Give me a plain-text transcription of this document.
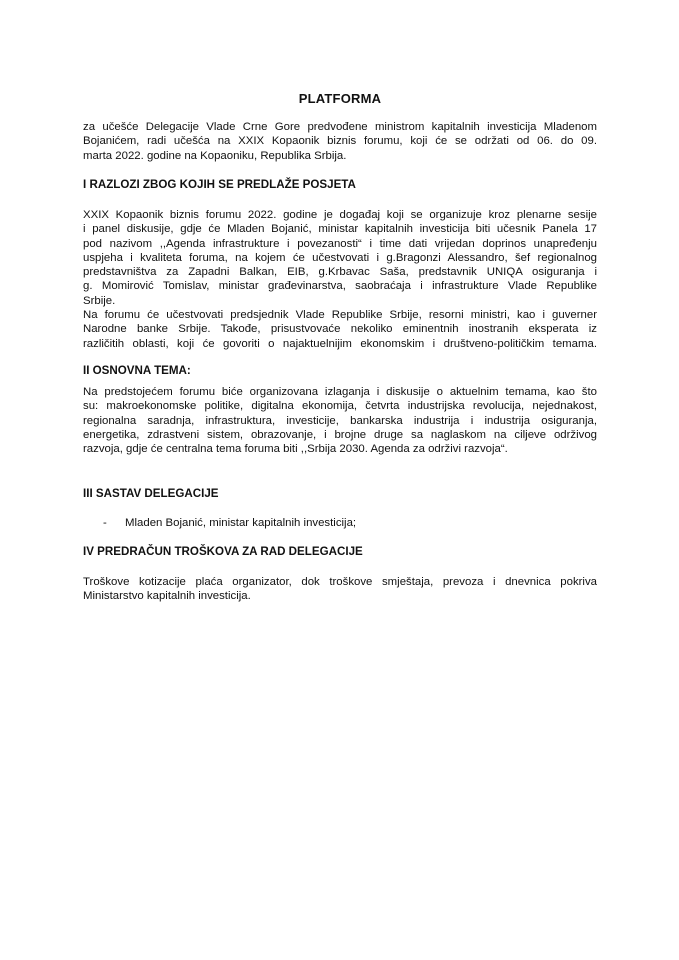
PLATFORMA
za učešće Delegacije Vlade Crne Gore predvođene ministrom kapitalnih investicija Mladenom
Bojanićem, radi učešća na XXIX Kopaonik biznis forumu, koji će se održati od 06. do 09.
marta 2022. godine na Kopaoniku, Republika Srbija.
I RAZLOZI ZBOG KOJIH SE PREDLAŽE POSJETA
XXIX Kopaonik biznis forumu 2022. godine je događaj koji se organizuje kroz plenarne sesije
i panel diskusije, gdje će Mladen Bojanić, ministar kapitalnih investicija biti učesnik Panela 17
pod nazivom ,,Agenda infrastrukture i povezanosti“ i time dati vrijedan doprinos unapređenju
uspjeha i kvaliteta foruma, na kojem će učestvovati i g.Bragonzi Alessandro, šef regionalnog
predstavništva za Zapadni Balkan, EIB, g.Krbavac Saša, predstavnik UNIQA osiguranja i
g. Momirović Tomislav, ministar građevinarstva, saobraćaja i infrastrukture Vlade Republike
Srbije.
Na forumu će učestvovati predsjednik Vlade Republike Srbije, resorni ministri, kao i guverner
Narodne banke Srbije. Takođe, prisustvovaće nekoliko eminentnih inostranih eksperata iz
različitih oblasti, koji će govoriti o najaktuelnijim ekonomskim i društveno-političkim temama.
II OSNOVNA TEMA:
Na predstojećem forumu biće organizovana izlaganja i diskusije o aktuelnim temama, kao što
su: makroekonomske politike, digitalna ekonomija, četvrta industrijska revolucija, nejednakost,
regionalna saradnja, infrastruktura, investicije, bankarska industrija i industrija osiguranja,
energetika, zdrastveni sistem, obrazovanje, i brojne druge sa naglaskom na ciljeve održivog
razvoja, gdje će centralna tema foruma biti ,,Srbija 2030. Agenda za održivi razvoja“.
III SASTAV DELEGACIJE
- Mladen Bojanić, ministar kapitalnih investicija;
IV PREDRAČUN TROŠKOVA ZA RAD DELEGACIJE
Troškove kotizacije plaća organizator, dok troškove smještaja, prevoza i dnevnica pokriva
Ministarstvo kapitalnih investicija.
